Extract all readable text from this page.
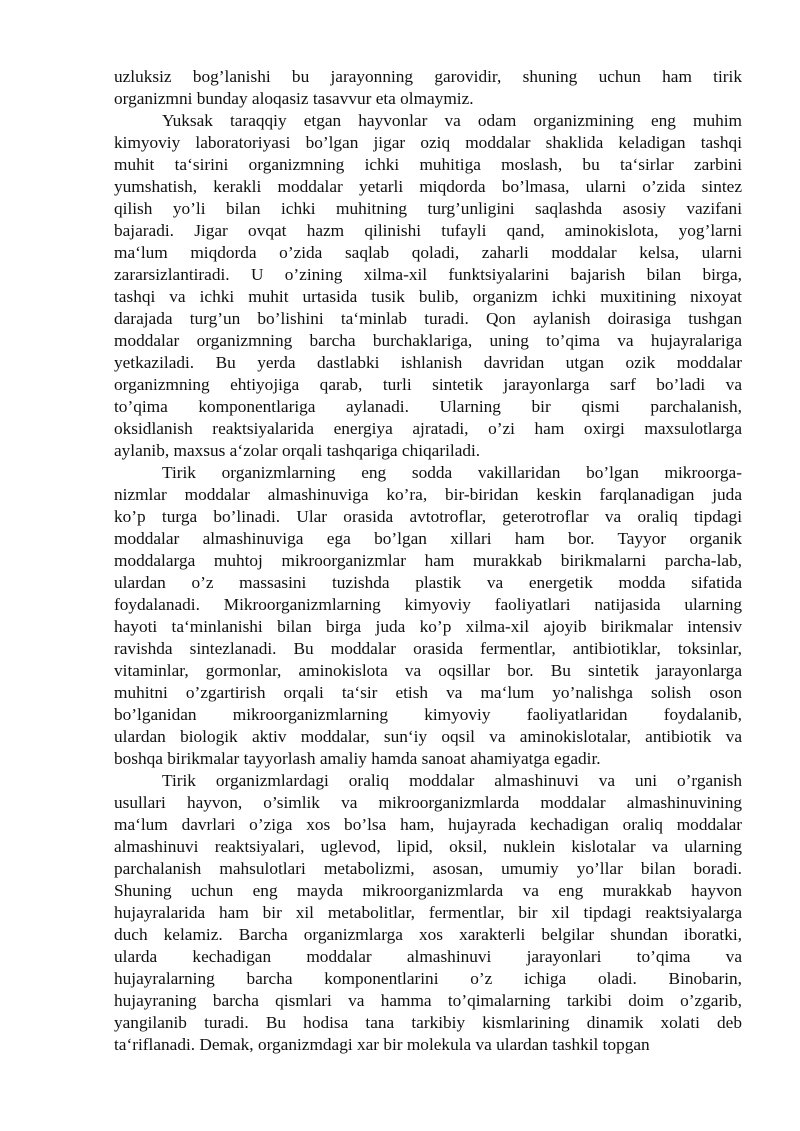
uzluksiz bog’lanishi bu jarayonning garovidir, shuning uchun ham tirik
organizmni bunday aloqasiz tasavvur eta olmaymiz.
Yuksak taraqqiy etgan hayvonlar va odam organizmining eng muhim
kimyoviy laboratoriyasi bo’lgan jigar oziq moddalar shaklida keladigan tashqi
muhit ta‘sirini organizmning ichki muhitiga moslash, bu ta‘sirlar zarbini
yumshatish, kerakli moddalar yetarli miqdorda bo’lmasa, ularni o’zida sintez
qilish yo’li bilan ichki muhitning turg’unligini saqlashda asosiy vazifani
bajaradi. Jigar ovqat hazm qilinishi tufayli qand, aminokislota, yog’larni
ma‘lum miqdorda o’zida saqlab qoladi, zaharli moddalar kelsa, ularni
zararsizlantiradi. U o’zining xilma-xil funktsiyalarini bajarish bilan birga,
tashqi va ichki muhit urtasida tusik bulib, organizm ichki muxitining nixoyat
darajada turg’un bo’lishini ta‘minlab turadi. Qon aylanish doirasiga tushgan
moddalar organizmning barcha burchaklariga, uning to’qima va hujayralariga
yetkaziladi. Bu yerda dastlabki ishlanish davridan utgan ozik moddalar
organizmning ehtiyojiga qarab, turli sintetik jarayonlarga sarf bo’ladi va
to’qima komponentlariga aylanadi. Ularning bir qismi parchalanish,
oksidlanish reaktsiyalarida energiya ajratadi, o’zi ham oxirgi maxsulotlarga
aylanib, maxsus a‘zolar orqali tashqariga chiqariladi.
Tirik organizmlarning eng sodda vakillaridan bo’lgan mikroorga-
nizmlar moddalar almashinuviga ko’ra, bir-biridan keskin farqlanadigan juda
ko’p turga bo’linadi. Ular orasida avtotroflar, geterotroflar va oraliq tipdagi
moddalar almashinuviga ega bo’lgan xillari ham bor. Tayyor organik
moddalarga muhtoj mikroorganizmlar ham murakkab birikmalarni parcha-lab,
ulardan o’z massasini tuzishda plastik va energetik modda sifatida
foydalanadi. Mikroorganizmlarning kimyoviy faoliyatlari natijasida ularning
hayoti ta‘minlanishi bilan birga juda ko’p xilma-xil ajoyib birikmalar intensiv
ravishda sintezlanadi. Bu moddalar orasida fermentlar, antibiotiklar, toksinlar,
vitaminlar, gormonlar, aminokislota va oqsillar bor. Bu sintetik jarayonlarga
muhitni o’zgartirish orqali ta‘sir etish va ma‘lum yo’nalishga solish oson
bo’lganidan mikroorganizmlarning kimyoviy faoliyatlaridan foydalanib,
ulardan biologik aktiv moddalar, sun‘iy oqsil va aminokislotalar, antibiotik va
boshqa birikmalar tayyorlash amaliy hamda sanoat ahamiyatga egadir.
Tirik organizmlardagi oraliq moddalar almashinuvi va uni o’rganish
usullari hayvon, o’simlik va mikroorganizmlarda moddalar almashinuvining
ma‘lum davrlari o’ziga xos bo’lsa ham, hujayrada kechadigan oraliq moddalar
almashinuvi reaktsiyalari, uglevod, lipid, oksil, nuklein kislotalar va ularning
parchalanish mahsulotlari metabolizmi, asosan, umumiy yo’llar bilan boradi.
Shuning uchun eng mayda mikroorganizmlarda va eng murakkab hayvon
hujayralarida ham bir xil metabolitlar, fermentlar, bir xil tipdagi reaktsiyalarga
duch kelamiz. Barcha organizmlarga xos xarakterli belgilar shundan iboratki,
ularda kechadigan moddalar almashinuvi jarayonlari to’qima va
hujayralarning barcha komponentlarini o’z ichiga oladi. Binobarin,
hujayraning barcha qismlari va hamma to’qimalarning tarkibi doim o’zgarib,
yangilanib turadi. Bu hodisa tana tarkibiy kismlarining dinamik xolati deb
ta‘riflanadi. Demak, organizmdagi xar bir molekula va ulardan tashkil topgan
